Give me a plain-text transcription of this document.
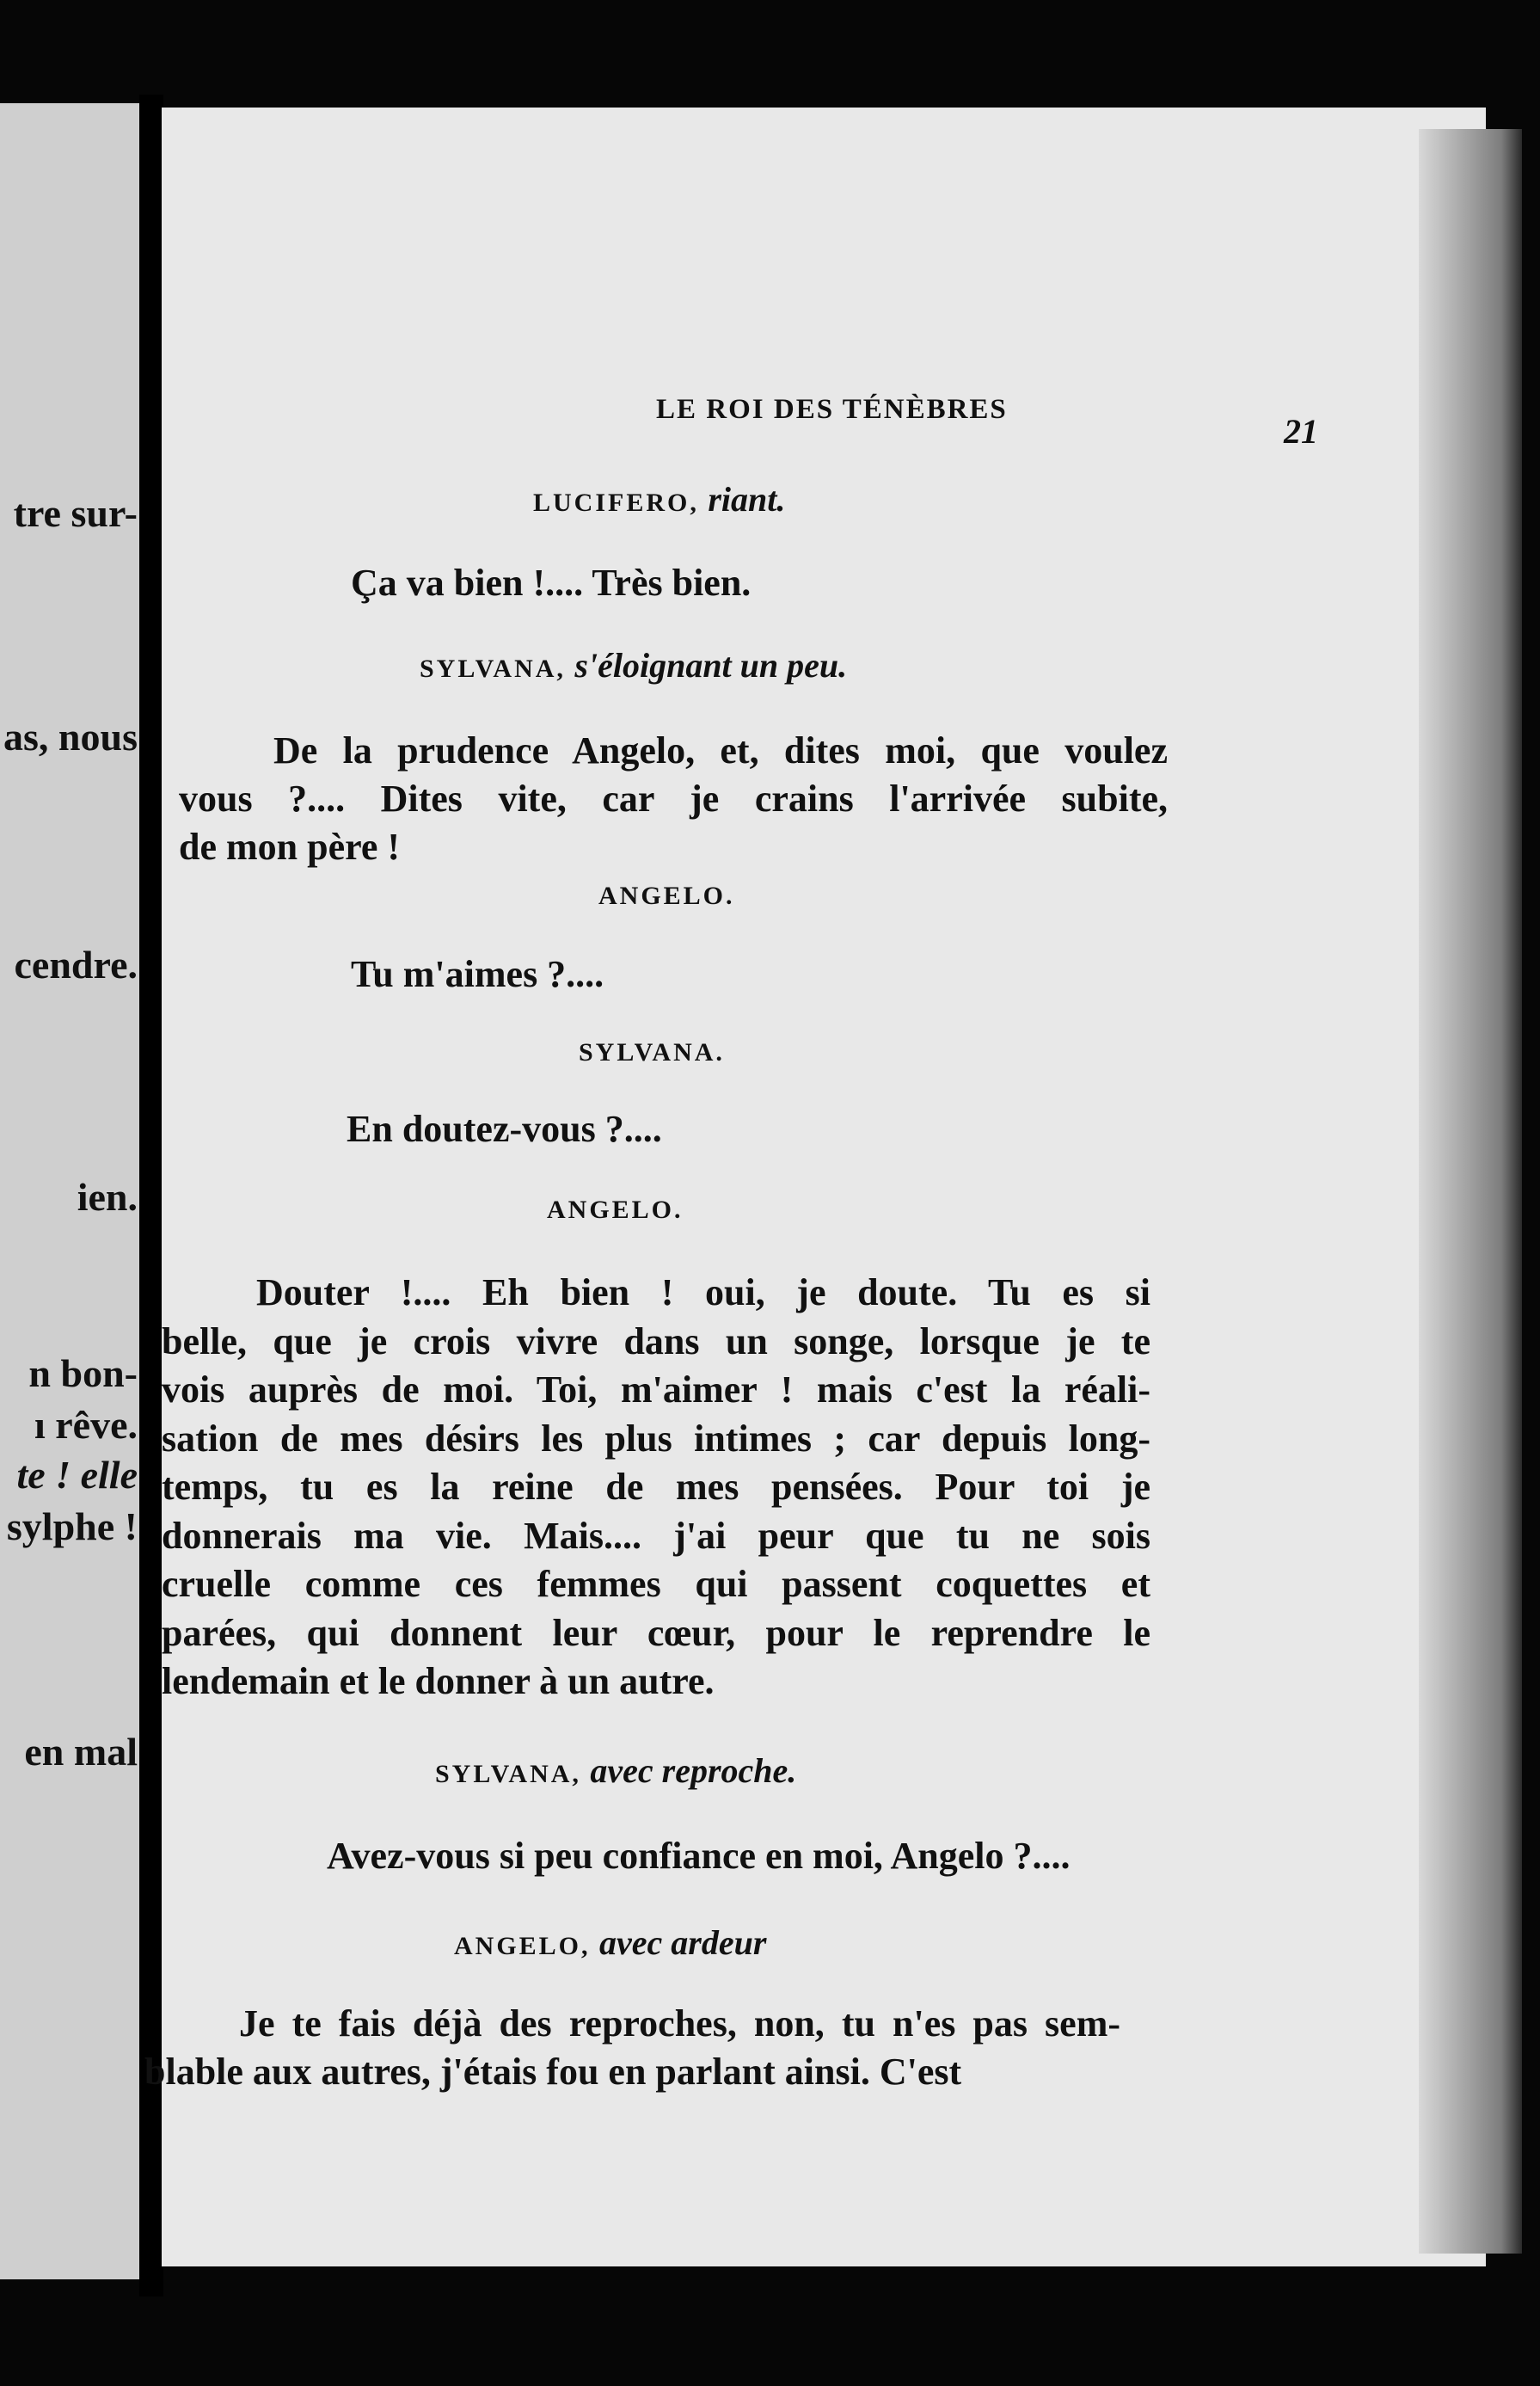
tre sur-
as, nous
cendre.
ien.
n bon-
ı rêve.
te ! elle
sylphe !
en mal
LE ROI DES TÉNÈBRES
21
LUCIFERO, riant.
Ça va bien !.... Très bien.
SYLVANA, s'éloignant un peu.
De la prudence Angelo, et, dites moi, que voulez
vous ?.... Dites vite, car je crains l'arrivée subite,
de mon père !
ANGELO.
Tu m'aimes ?....
SYLVANA.
En doutez-vous ?....
ANGELO.
Douter !.... Eh bien ! oui, je doute. Tu es si
belle, que je crois vivre dans un songe, lorsque je te
vois auprès de moi. Toi, m'aimer ! mais c'est la réali-
sation de mes désirs les plus intimes ; car depuis long-
temps, tu es la reine de mes pensées. Pour toi je
donnerais ma vie. Mais.... j'ai peur que tu ne sois
cruelle comme ces femmes qui passent coquettes et
parées, qui donnent leur cœur, pour le reprendre le
lendemain et le donner à un autre.
SYLVANA, avec reproche.
Avez-vous si peu confiance en moi, Angelo ?....
ANGELO, avec ardeur
Je te fais déjà des reproches, non, tu n'es pas sem-
blable aux autres, j'étais fou en parlant ainsi. C'est
